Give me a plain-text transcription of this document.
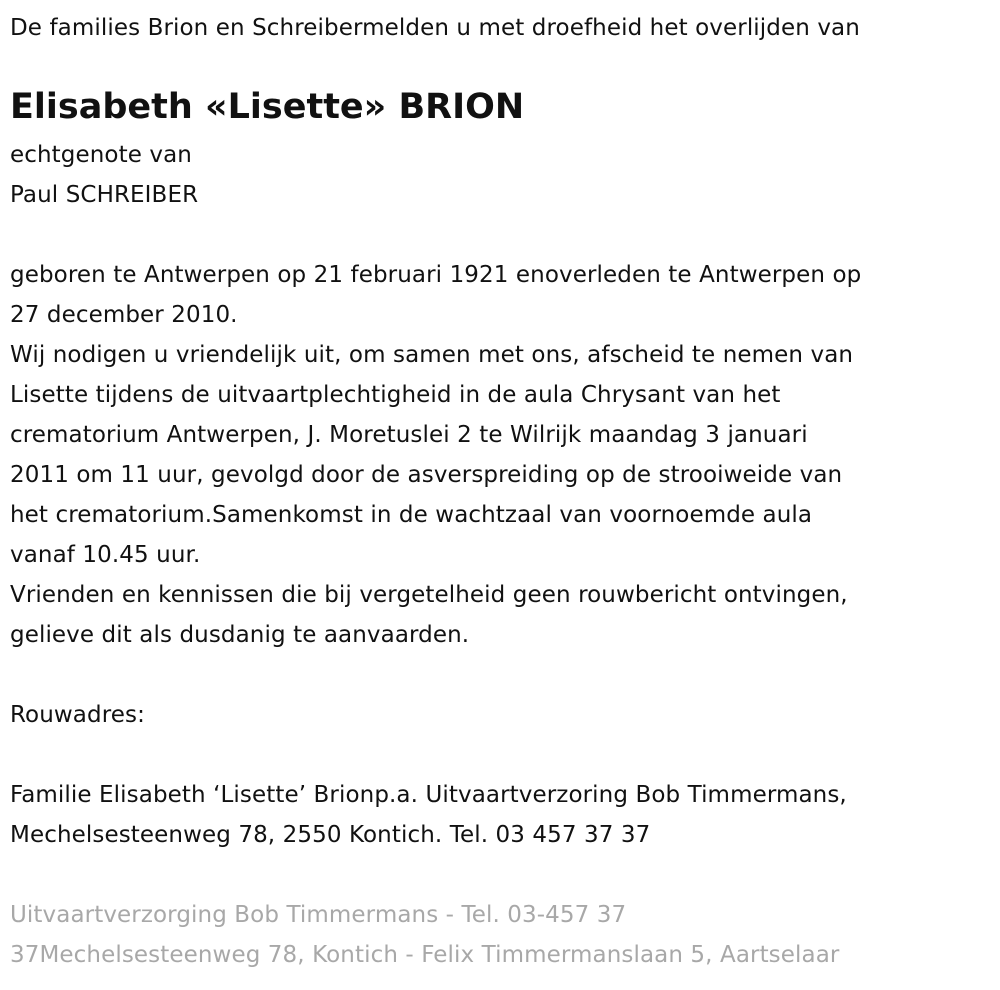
De families Brion en Schreibermelden u met droefheid het overlijden van
Elisabeth «Lisette» BRION
echtgenote van
Paul SCHREIBER
geboren te Antwerpen op 21 februari 1921 enoverleden te Antwerpen op
27 december 2010.
Wij nodigen u vriendelijk uit, om samen met ons, afscheid te nemen van
Lisette tijdens de uitvaartplechtigheid in de aula Chrysant van het
crematorium Antwerpen, J. Moretuslei 2 te Wilrijk maandag 3 januari
2011 om 11 uur, gevolgd door de asverspreiding op de strooiweide van
het crematorium.Samenkomst in de wachtzaal van voornoemde aula
vanaf 10.45 uur.
Vrienden en kennissen die bij vergetelheid geen rouwbericht ontvingen,
gelieve dit als dusdanig te aanvaarden.
Rouwadres:
Familie Elisabeth ‘Lisette’ Brionp.a. Uitvaartverzoring Bob Timmermans,
Mechelsesteenweg 78, 2550 Kontich. Tel. 03 457 37 37
Uitvaartverzorging Bob Timmermans - Tel. 03-457 37
37Mechelsesteenweg 78, Kontich - Felix Timmermanslaan 5, Aartselaar
